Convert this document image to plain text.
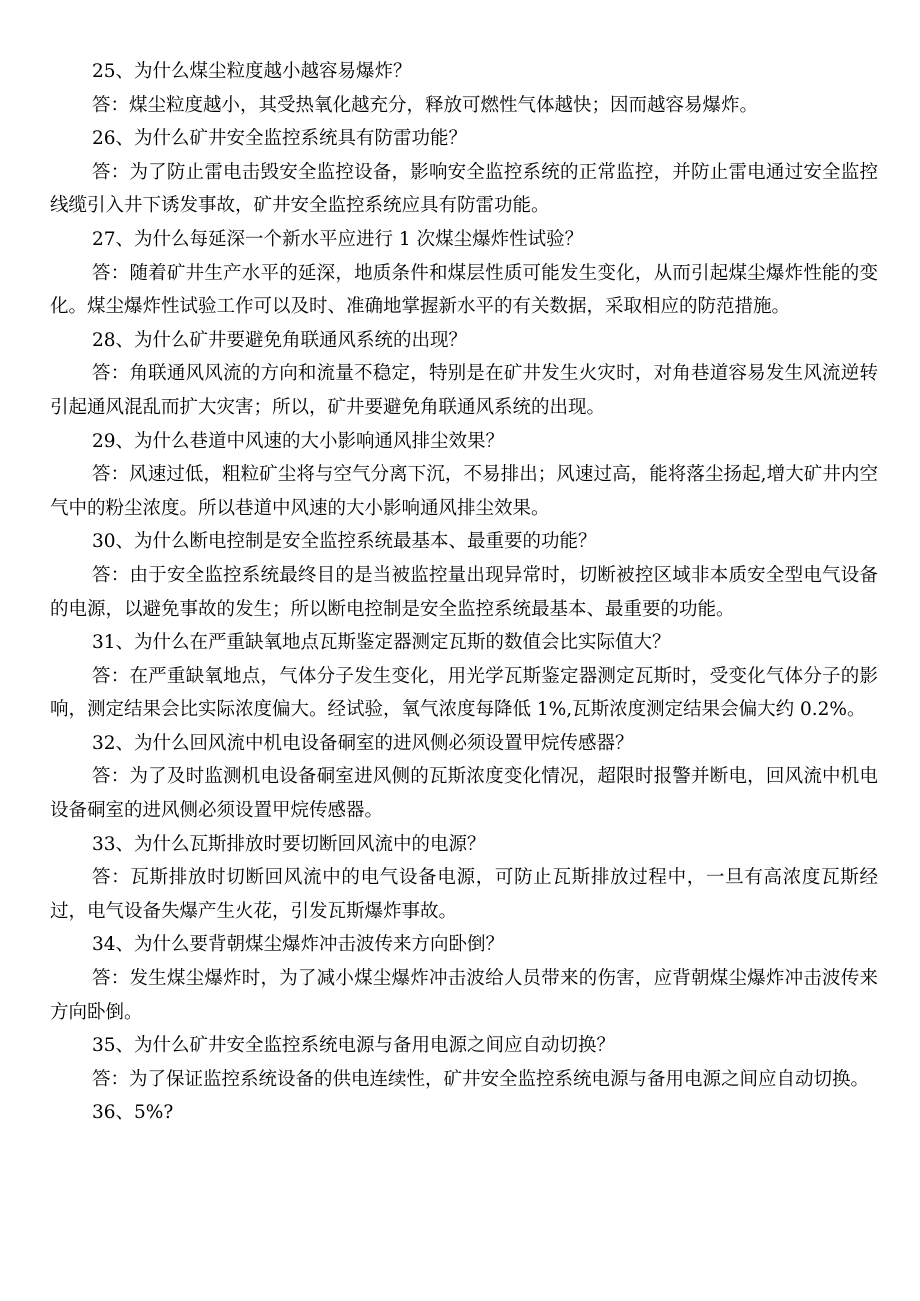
25、为什么煤尘粒度越小越容易爆炸？

答：煤尘粒度越小，其受热氧化越充分，释放可燃性气体越快；因而越容易爆炸。

26、为什么矿井安全监控系统具有防雷功能？

答：为了防止雷电击毁安全监控设备，影响安全监控系统的正常监控，并防止雷电通过安全监控线缆引入井下诱发事故，矿井安全监控系统应具有防雷功能。

27、为什么每延深一个新水平应进行 1 次煤尘爆炸性试验？

答：随着矿井生产水平的延深，地质条件和煤层性质可能发生变化，从而引起煤尘爆炸性能的变化。煤尘爆炸性试验工作可以及时、准确地掌握新水平的有关数据，采取相应的防范措施。

28、为什么矿井要避免角联通风系统的出现？

答：角联通风风流的方向和流量不稳定，特别是在矿井发生火灾时，对角巷道容易发生风流逆转引起通风混乱而扩大灾害；所以，矿井要避免角联通风系统的出现。

29、为什么巷道中风速的大小影响通风排尘效果？

答：风速过低，粗粒矿尘将与空气分离下沉，不易排出；风速过高，能将落尘扬起,增大矿井内空气中的粉尘浓度。所以巷道中风速的大小影响通风排尘效果。

30、为什么断电控制是安全监控系统最基本、最重要的功能？

答：由于安全监控系统最终目的是当被监控量出现异常时，切断被控区域非本质安全型电气设备的电源，以避免事故的发生；所以断电控制是安全监控系统最基本、最重要的功能。

31、为什么在严重缺氧地点瓦斯鉴定器测定瓦斯的数值会比实际值大？

答：在严重缺氧地点，气体分子发生变化，用光学瓦斯鉴定器测定瓦斯时，受变化气体分子的影响，测定结果会比实际浓度偏大。经试验，氧气浓度每降低 1%,瓦斯浓度测定结果会偏大约 0.2%。

32、为什么回风流中机电设备硐室的进风侧必须设置甲烷传感器？

答：为了及时监测机电设备硐室进风侧的瓦斯浓度变化情况，超限时报警并断电，回风流中机电设备硐室的进风侧必须设置甲烷传感器。

33、为什么瓦斯排放时要切断回风流中的电源？

答：瓦斯排放时切断回风流中的电气设备电源，可防止瓦斯排放过程中，一旦有高浓度瓦斯经过，电气设备失爆产生火花，引发瓦斯爆炸事故。

34、为什么要背朝煤尘爆炸冲击波传来方向卧倒？

答：发生煤尘爆炸时，为了减小煤尘爆炸冲击波给人员带来的伤害，应背朝煤尘爆炸冲击波传来方向卧倒。

35、为什么矿井安全监控系统电源与备用电源之间应自动切换？

答：为了保证监控系统设备的供电连续性，矿井安全监控系统电源与备用电源之间应自动切换。

36、5%?
